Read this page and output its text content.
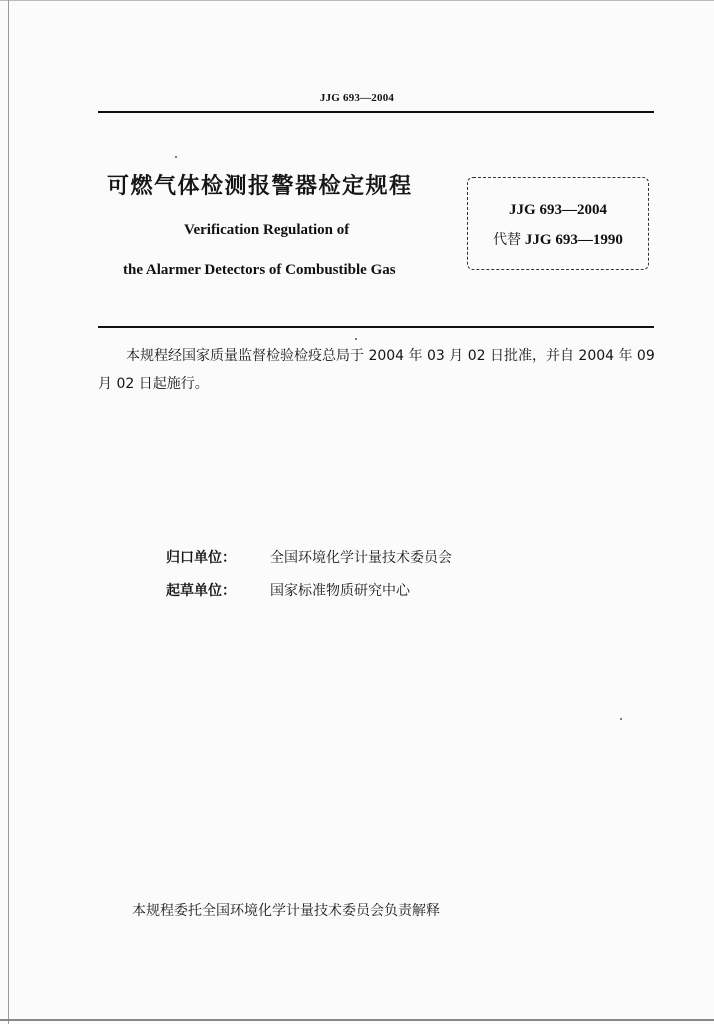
JJG 693—2004
可燃气体检测报警器检定规程
Verification Regulation of
the Alarmer Detectors of Combustible Gas
JJG 693—2004
代替 JJG 693—1990
本规程经国家质量监督检验检疫总局于 2004 年 03 月 02 日批准，并自 2004 年 09 月 02 日起施行。
归口单位： 全国环境化学计量技术委员会
起草单位： 国家标准物质研究中心
本规程委托全国环境化学计量技术委员会负责解释
